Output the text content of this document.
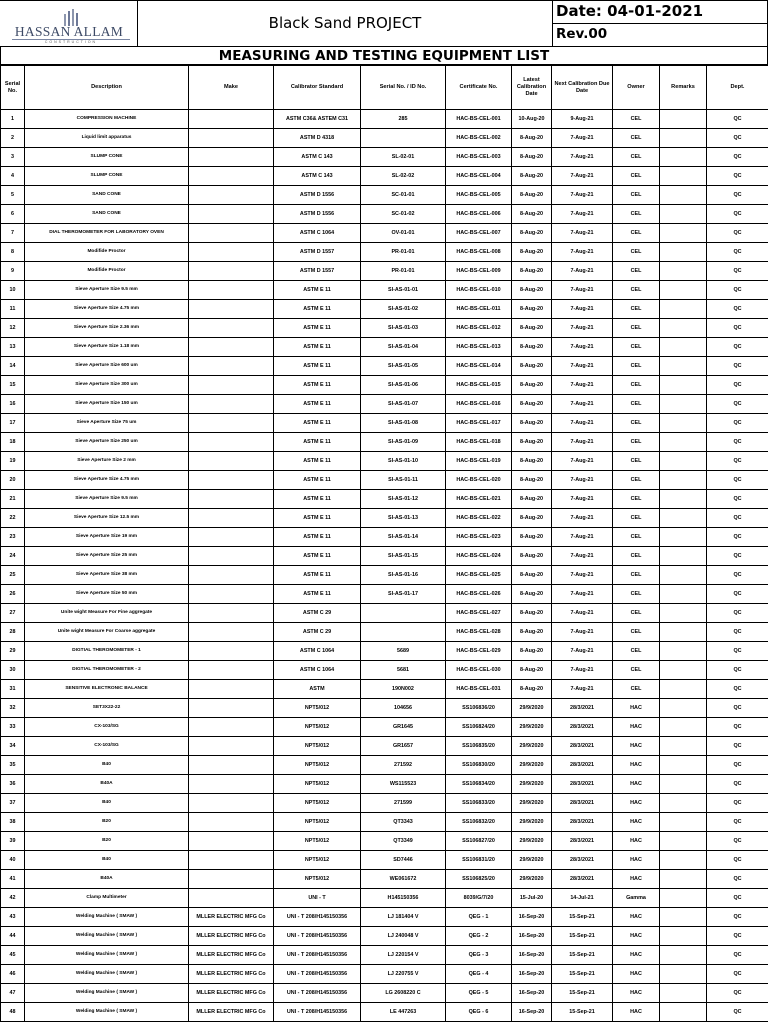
HASSAN ALLAM
CONSTRUCTION
Black Sand PROJECT
Date: 04-01-2021
Rev.00
MEASURING AND TESTING EQUIPMENT LIST
Serial No.	Description	Make	Calibrator Standard	Serial No. / ID No.	Certificate No.	Latest Calibration Date	Next Calibration Due Date	Owner	Remarks	Dept.
1	COMPRESSION MACHINE		ASTM C36& ASTEM C31	285	HAC-BS-CEL-001	10-Aug-20	9-Aug-21	CEL		QC
2	Liquid limit apparatus		ASTM D 4318		HAC-BS-CEL-002	8-Aug-20	7-Aug-21	CEL		QC
3	SLUMP CONE		ASTM C 143	SL-02-01	HAC-BS-CEL-003	8-Aug-20	7-Aug-21	CEL		QC
4	SLUMP CONE		ASTM C 143	SL-02-02	HAC-BS-CEL-004	8-Aug-20	7-Aug-21	CEL		QC
5	SAND CONE		ASTM D 1556	SC-01-01	HAC-BS-CEL-005	8-Aug-20	7-Aug-21	CEL		QC
6	SAND CONE		ASTM D 1556	SC-01-02	HAC-BS-CEL-006	8-Aug-20	7-Aug-21	CEL		QC
7	DIAL THEROMOMETER FOR LABORATORY OVEN		ASTM C 1064	OV-01-01	HAC-BS-CEL-007	8-Aug-20	7-Aug-21	CEL		QC
8	Modifide Proctor		ASTM D 1557	PR-01-01	HAC-BS-CEL-008	8-Aug-20	7-Aug-21	CEL		QC
9	Modifide Proctor		ASTM D 1557	PR-01-01	HAC-BS-CEL-009	8-Aug-20	7-Aug-21	CEL		QC
10	Sieve Aperture Size 9.5 mm		ASTM E 11	SI-AS-01-01	HAC-BS-CEL-010	8-Aug-20	7-Aug-21	CEL		QC
11	Sieve Aperture Size 4.75 mm		ASTM E 11	SI-AS-01-02	HAC-BS-CEL-011	8-Aug-20	7-Aug-21	CEL		QC
12	Sieve Aperture Size 2.36 mm		ASTM E 11	SI-AS-01-03	HAC-BS-CEL-012	8-Aug-20	7-Aug-21	CEL		QC
13	Sieve Aperture Size 1.18 mm		ASTM E 11	SI-AS-01-04	HAC-BS-CEL-013	8-Aug-20	7-Aug-21	CEL		QC
14	Sieve Aperture Size 600 um		ASTM E 11	SI-AS-01-05	HAC-BS-CEL-014	8-Aug-20	7-Aug-21	CEL		QC
15	Sieve Aperture Size 300 um		ASTM E 11	SI-AS-01-06	HAC-BS-CEL-015	8-Aug-20	7-Aug-21	CEL		QC
16	Sieve Aperture Size 150 um		ASTM E 11	SI-AS-01-07	HAC-BS-CEL-016	8-Aug-20	7-Aug-21	CEL		QC
17	Sieve Aperture Size 75 um		ASTM E 11	SI-AS-01-08	HAC-BS-CEL-017	8-Aug-20	7-Aug-21	CEL		QC
18	Sieve Aperture Size 250 um		ASTM E 11	SI-AS-01-09	HAC-BS-CEL-018	8-Aug-20	7-Aug-21	CEL		QC
19	Sieve Aperture Size 2 mm		ASTM E 11	SI-AS-01-10	HAC-BS-CEL-019	8-Aug-20	7-Aug-21	CEL		QC
20	Sieve Aperture Size 4.75 mm		ASTM E 11	SI-AS-01-11	HAC-BS-CEL-020	8-Aug-20	7-Aug-21	CEL		QC
21	Sieve Aperture Size 9.5 mm		ASTM E 11	SI-AS-01-12	HAC-BS-CEL-021	8-Aug-20	7-Aug-21	CEL		QC
22	Sieve Aperture Size 12.5 mm		ASTM E 11	SI-AS-01-13	HAC-BS-CEL-022	8-Aug-20	7-Aug-21	CEL		QC
23	Sieve Aperture Size 19 mm		ASTM E 11	SI-AS-01-14	HAC-BS-CEL-023	8-Aug-20	7-Aug-21	CEL		QC
24	Sieve Aperture Size 25 mm		ASTM E 11	SI-AS-01-15	HAC-BS-CEL-024	8-Aug-20	7-Aug-21	CEL		QC
25	Sieve Aperture Size 38 mm		ASTM E 11	SI-AS-01-16	HAC-BS-CEL-025	8-Aug-20	7-Aug-21	CEL		QC
26	Sieve Aperture Size 50 mm		ASTM E 11	SI-AS-01-17	HAC-BS-CEL-026	8-Aug-20	7-Aug-21	CEL		QC
27	Unite wight Measure For Fine aggregate		ASTM C 29		HAC-BS-CEL-027	8-Aug-20	7-Aug-21	CEL		QC
28	Unite wight Measure For Coarse aggregate		ASTM C 29		HAC-BS-CEL-028	8-Aug-20	7-Aug-21	CEL		QC
29	DIGTIAL THEROMOMETER - 1		ASTM C 1064	5689	HAC-BS-CEL-029	8-Aug-20	7-Aug-21	CEL		QC
30	DIGTIAL THEROMOMETER - 2		ASTM C 1064	5681	HAC-BS-CEL-030	8-Aug-20	7-Aug-21	CEL		QC
31	SENSITIVE ELECTRONIC BALANCE		ASTM	190N002	HAC-BS-CEL-031	8-Aug-20	7-Aug-21	CEL		QC
32	SET3X22-22		NPT5/012	104656	SS106836/20	29/9/2020	28/3/2021	HAC		QC
33	CX-103/SG		NPT5/012	GR1645	SS106824/20	29/9/2020	28/3/2021	HAC		QC
34	CX-103/SG		NPT5/012	GR1657	SS106835/20	29/9/2020	28/3/2021	HAC		QC
35	B40		NPT5/012	271592	SS106830/20	29/9/2020	28/3/2021	HAC		QC
36	B40A		NPT5/012	WS115523	SS106834/20	29/9/2020	28/3/2021	HAC		QC
37	B40		NPT5/012	271599	SS106833/20	29/9/2020	28/3/2021	HAC		QC
38	B20		NPT5/012	QT3343	SS106832/20	29/9/2020	28/3/2021	HAC		QC
39	B20		NPT5/012	QT3349	SS106827/20	29/9/2020	28/3/2021	HAC		QC
40	B40		NPT5/012	SD7446	SS106831/20	29/9/2020	28/3/2021	HAC		QC
41	B40A		NPT5/012	WE061672	SS106825/20	29/9/2020	28/3/2021	HAC		QC
42	Clamp Multimeter		UNI - T	H145150356	8039/G/7/20	15-Jul-20	14-Jul-21	Gamma		QC
43	Welding Machine ( SMAW )	MLLER ELECTRIC MFG Co	UNI - T 208/H145150356	LJ 181404 V	QEG - 1	16-Sep-20	15-Sep-21	HAC		QC
44	Welding Machine ( SMAW )	MLLER ELECTRIC MFG Co	UNI - T 208/H145150356	LJ 240048 V	QEG - 2	16-Sep-20	15-Sep-21	HAC		QC
45	Welding Machine ( SMAW )	MLLER ELECTRIC MFG Co	UNI - T 208/H145150356	LJ 220154 V	QEG - 3	16-Sep-20	15-Sep-21	HAC		QC
46	Welding Machine ( SMAW )	MLLER ELECTRIC MFG Co	UNI - T 208/H145150356	LJ 220755 V	QEG - 4	16-Sep-20	15-Sep-21	HAC		QC
47	Welding Machine ( SMAW )	MLLER ELECTRIC MFG Co	UNI - T 208/H145150356	LG 2608220 C	QEG - 5	16-Sep-20	15-Sep-21	HAC		QC
48	Welding Machine ( SMAW )	MLLER ELECTRIC MFG Co	UNI - T 208/H145150356	LE 447263	QEG - 6	16-Sep-20	15-Sep-21	HAC		QC
